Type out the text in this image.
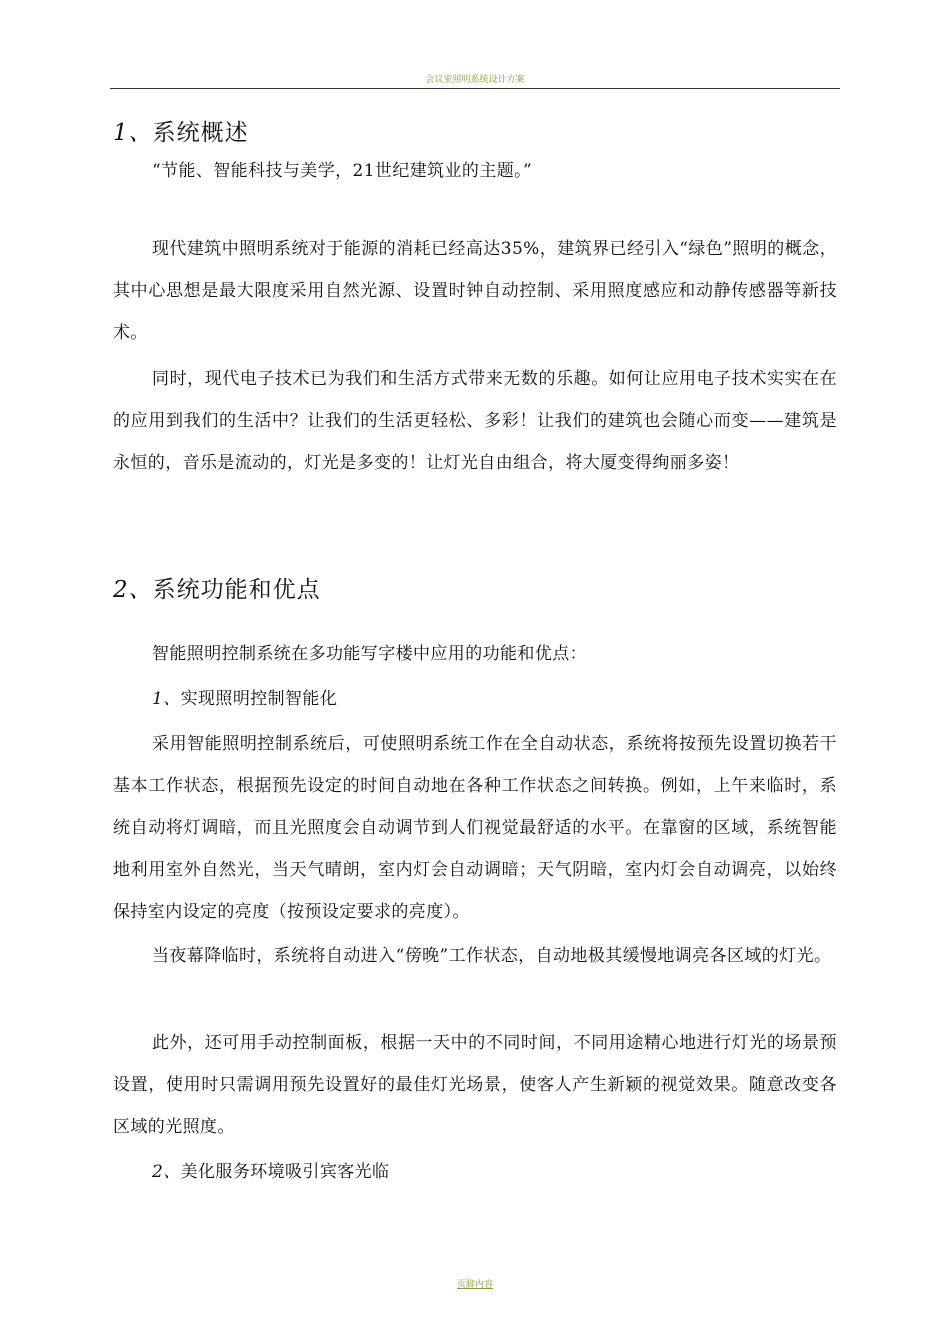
会议室照明系统设计方案
1、系统概述
“节能、智能科技与美学，21世纪建筑业的主题。”
现代建筑中照明系统对于能源的消耗已经高达35%，建筑界已经引入“绿色”照明的概念，其中心思想是最大限度采用自然光源、设置时钟自动控制、采用照度感应和动静传感器等新技术。
同时，现代电子技术已为我们和生活方式带来无数的乐趣。如何让应用电子技术实实在在的应用到我们的生活中？让我们的生活更轻松、多彩！让我们的建筑也会随心而变——建筑是永恒的，音乐是流动的，灯光是多变的！让灯光自由组合，将大厦变得绚丽多姿！
2、系统功能和优点
智能照明控制系统在多功能写字楼中应用的功能和优点：
1、实现照明控制智能化
采用智能照明控制系统后，可使照明系统工作在全自动状态，系统将按预先设置切换若干基本工作状态，根据预先设定的时间自动地在各种工作状态之间转换。例如，上午来临时，系统自动将灯调暗，而且光照度会自动调节到人们视觉最舒适的水平。在靠窗的区域，系统智能地利用室外自然光，当天气晴朗，室内灯会自动调暗；天气阴暗，室内灯会自动调亮，以始终保持室内设定的亮度（按预设定要求的亮度）。
当夜幕降临时，系统将自动进入“傍晚”工作状态，自动地极其缓慢地调亮各区域的灯光。
此外，还可用手动控制面板，根据一天中的不同时间，不同用途精心地进行灯光的场景预设置，使用时只需调用预先设置好的最佳灯光场景，使客人产生新颖的视觉效果。随意改变各区域的光照度。
2、美化服务环境吸引宾客光临
页脚内容
